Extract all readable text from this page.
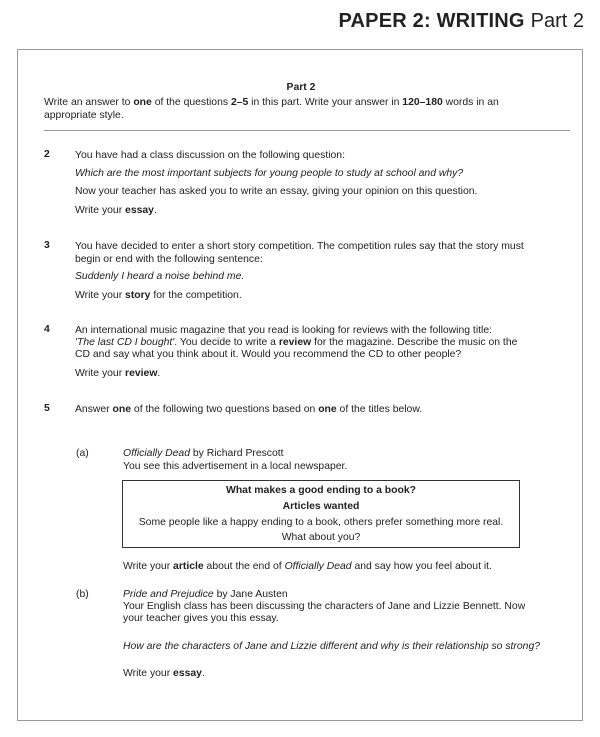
PAPER 2: WRITING Part 2
Part 2
Write an answer to one of the questions 2–5 in this part. Write your answer in 120–180 words in an
appropriate style.
2 You have had a class discussion on the following question:
Which are the most important subjects for young people to study at school and why?
Now your teacher has asked you to write an essay, giving your opinion on this question.
Write your essay.
3 You have decided to enter a short story competition. The competition rules say that the story must
begin or end with the following sentence:
Suddenly I heard a noise behind me.
Write your story for the competition.
4 An international music magazine that you read is looking for reviews with the following title:
'The last CD I bought'. You decide to write a review for the magazine. Describe the music on the
CD and say what you think about it. Would you recommend the CD to other people?
Write your review.
5 Answer one of the following two questions based on one of the titles below.
(a)	Officially Dead by Richard Prescott
You see this advertisement in a local newspaper.
Write your article about the end of Officially Dead and say how you feel about it.
(b)	Pride and Prejudice by Jane Austen
Your English class has been discussing the characters of Jane and Lizzie Bennett. Now
your teacher gives you this essay.
How are the characters of Jane and Lizzie different and why is their relationship so strong?
Write your essay.
What makes a good ending to a book?
Articles wanted
Some people like a happy ending to a book, others prefer something more real.
What about you?
